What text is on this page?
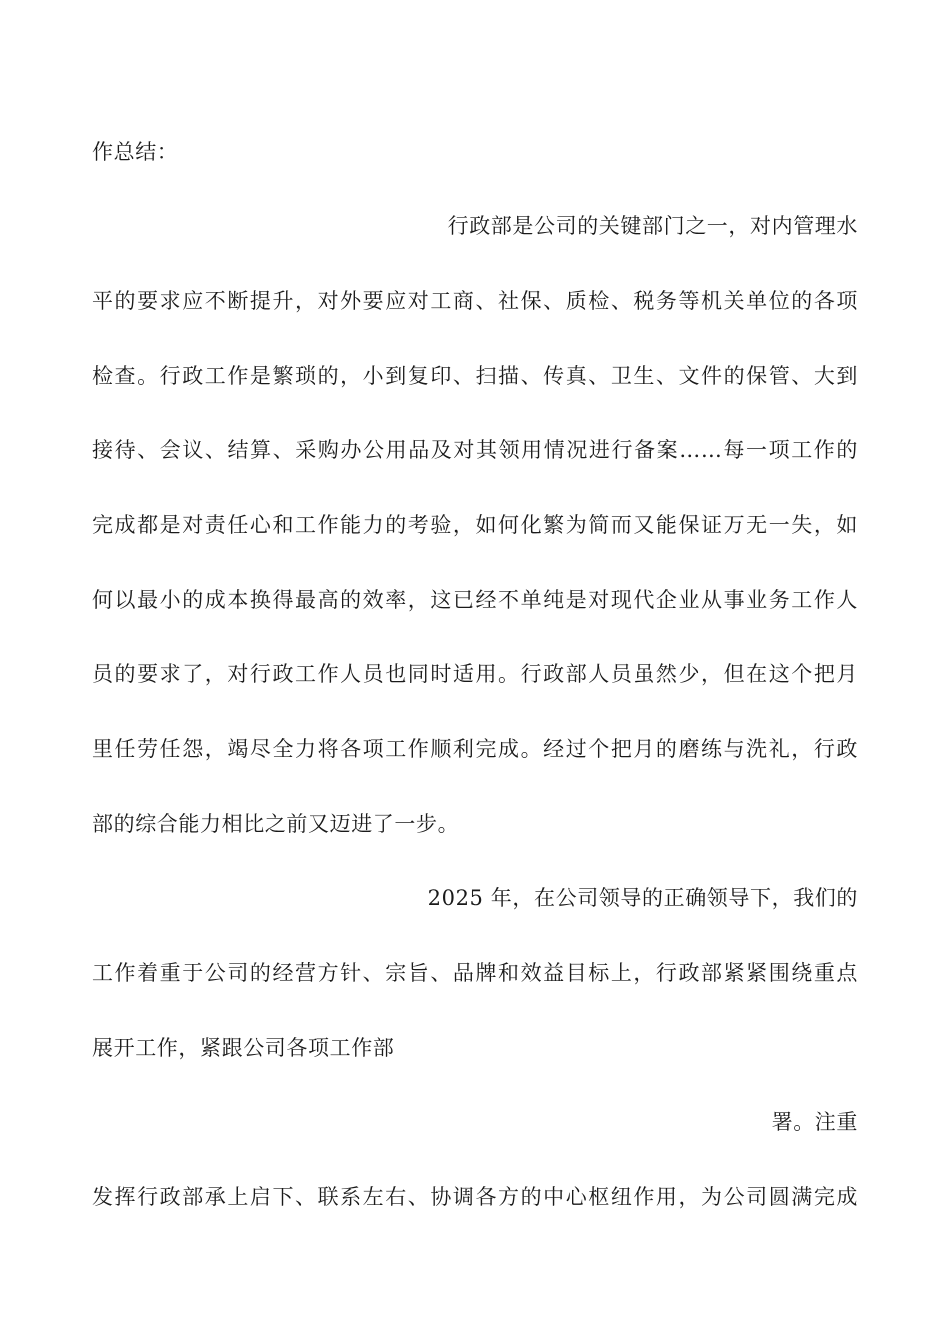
作总结：
行政部是公司的关键部门之一，对内管理水
平的要求应不断提升，对外要应对工商、社保、质检、税务等机关单位的各项
检查。行政工作是繁琐的，小到复印、扫描、传真、卫生、文件的保管、大到
接待、会议、结算、采购办公用品及对其领用情况进行备案……每一项工作的
完成都是对责任心和工作能力的考验，如何化繁为简而又能保证万无一失，如
何以最小的成本换得最高的效率，这已经不单纯是对现代企业从事业务工作人
员的要求了，对行政工作人员也同时适用。行政部人员虽然少，但在这个把月
里任劳任怨，竭尽全力将各项工作顺利完成。经过个把月的磨练与洗礼，行政
部的综合能力相比之前又迈进了一步。
2025 年，在公司领导的正确领导下，我们的
工作着重于公司的经营方针、宗旨、品牌和效益目标上，行政部紧紧围绕重点
展开工作，紧跟公司各项工作部
署。注重
发挥行政部承上启下、联系左右、协调各方的中心枢纽作用，为公司圆满完成
